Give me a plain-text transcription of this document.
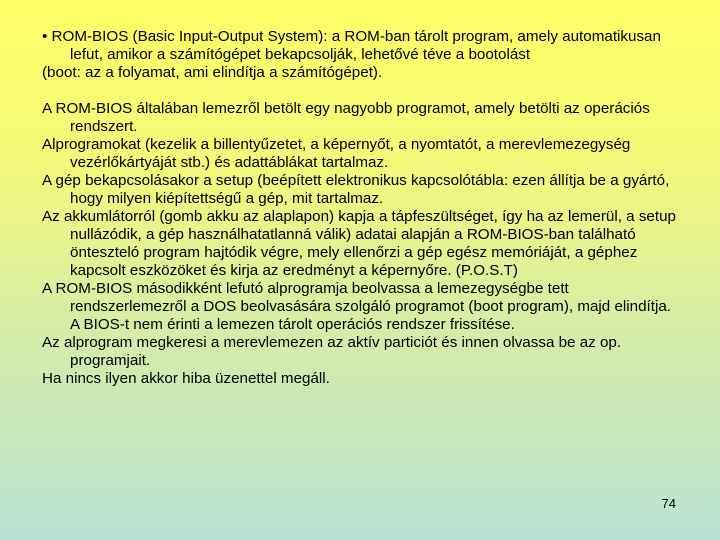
• ROM-BIOS (Basic Input-Output System): a ROM-ban tárolt program, amely automatikusan lefut, amikor a számítógépet bekapcsolják, lehetővé téve a bootolást

(boot: az a folyamat, ami elindítja a számítógépet).

A ROM-BIOS általában lemezről betölt egy nagyobb programot, amely betölti az operációs rendszert.

Alprogramokat (kezelik a billentyűzetet, a képernyőt, a nyomtatót, a merevlemezegység vezérlőkártyáját stb.) és adattáblákat tartalmaz.

A gép bekapcsolásakor a setup (beépített elektronikus kapcsolótábla: ezen állítja be a gyártó, hogy milyen kiépítettségű a gép, mit tartalmaz.

Az akkumlátorról (gomb akku az alaplapon) kapja a tápfeszültséget, így ha az lemerül, a setup nullázódik, a gép használhatatlanná válik) adatai alapján a ROM-BIOS-ban található önteszteló program hajtódik végre, mely ellenőrzi a gép egész memóriáját, a géphez kapcsolt eszközöket és kirja az eredményt a képernyőre. (P.O.S.T)

A ROM-BIOS másodikként lefutó alprogramja beolvassa a lemezegységbe tett rendszerlemezről a DOS beolvasására szolgáló programot (boot program), majd elindítja. A BIOS-t nem érinti a lemezen tárolt operációs rendszer frissítése.

Az alprogram megkeresi a merevlemezen az aktív particiót és innen olvassa be az op. programjait.

Ha nincs ilyen akkor hiba üzenettel megáll.

74
